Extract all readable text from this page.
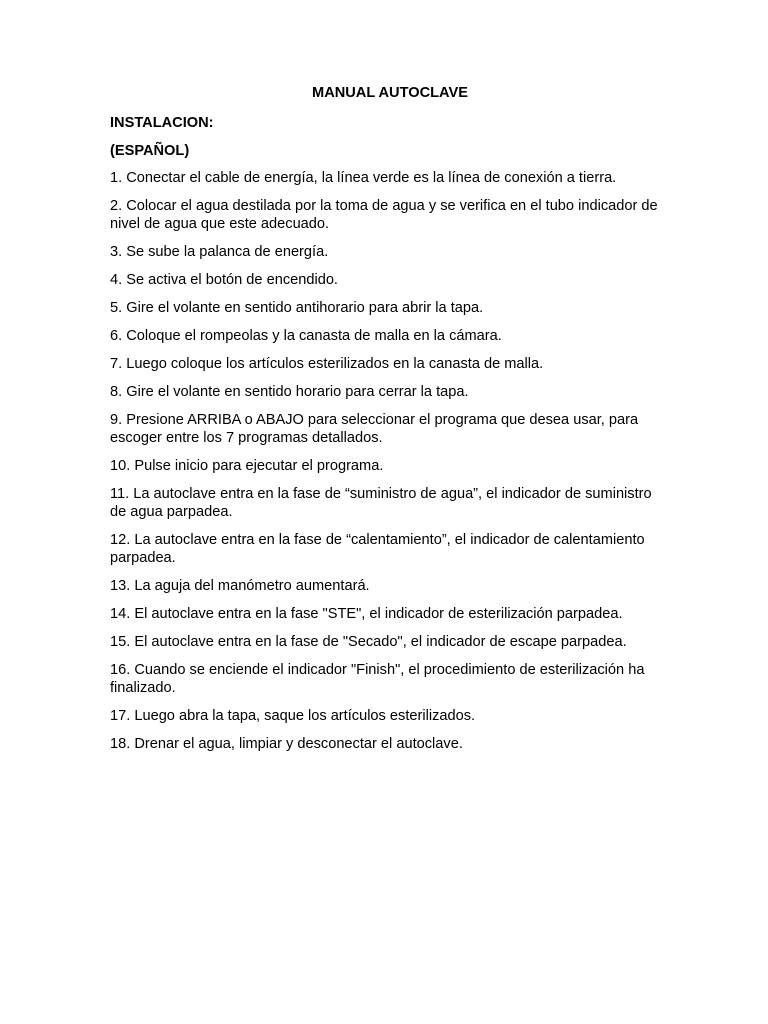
MANUAL AUTOCLAVE
INSTALACION:
(ESPAÑOL)
1. Conectar el cable de energía, la línea verde es la línea de conexión a tierra.
2. Colocar el agua destilada por la toma de agua y se verifica en el tubo indicador de nivel de agua que este adecuado.
3. Se sube la palanca de energía.
4. Se activa el botón de encendido.
5. Gire el volante en sentido antihorario para abrir la tapa.
6. Coloque el rompeolas y la canasta de malla en la cámara.
7. Luego coloque los artículos esterilizados en la canasta de malla.
8. Gire el volante en sentido horario para cerrar la tapa.
9. Presione ARRIBA o ABAJO para seleccionar el programa que desea usar, para escoger entre los 7 programas detallados.
10. Pulse inicio para ejecutar el programa.
11. La autoclave entra en la fase de “suministro de agua”, el indicador de suministro de agua parpadea.
12. La autoclave entra en la fase de “calentamiento”, el indicador de calentamiento parpadea.
13. La aguja del manómetro aumentará.
14. El autoclave entra en la fase "STE", el indicador de esterilización parpadea.
15. El autoclave entra en la fase de "Secado", el indicador de escape parpadea.
16. Cuando se enciende el indicador "Finish", el procedimiento de esterilización ha finalizado.
17. Luego abra la tapa, saque los artículos esterilizados.
18. Drenar el agua, limpiar y desconectar el autoclave.
